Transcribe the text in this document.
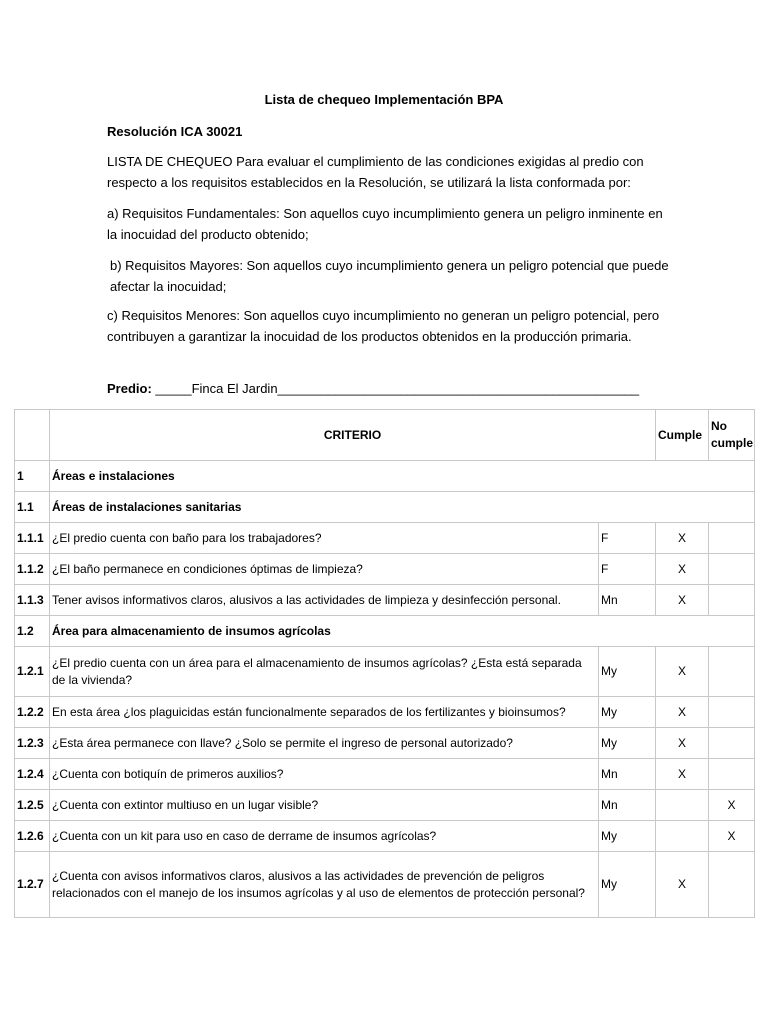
Lista de chequeo Implementación BPA
Resolución ICA 30021
LISTA DE CHEQUEO Para evaluar el cumplimiento de las condiciones exigidas al predio con respecto a los requisitos establecidos en la Resolución, se utilizará la lista conformada por:
a) Requisitos Fundamentales: Son aquellos cuyo incumplimiento genera un peligro inminente en la inocuidad del producto obtenido;
b) Requisitos Mayores: Son aquellos cuyo incumplimiento genera un peligro potencial que puede afectar la inocuidad;
c) Requisitos Menores: Son aquellos cuyo incumplimiento no generan un peligro potencial, pero contribuyen a garantizar la inocuidad de los productos obtenidos en la producción primaria.
Predio: _____Finca El Jardin__________________________________________________
	CRITERIO		Cumple	No cumple
1	Áreas e instalaciones			
1.1	Áreas de instalaciones sanitarias			
1.1.1	¿El predio cuenta con baño para los trabajadores?	F	X	
1.1.2	¿El baño permanece en condiciones óptimas de limpieza?	F	X	
1.1.3	Tener avisos informativos claros, alusivos a las actividades de limpieza y desinfección personal.	Mn	X	
1.2	Área para almacenamiento de insumos agrícolas			
1.2.1	¿El predio cuenta con un área para el almacenamiento de insumos agrícolas? ¿Esta está separada de la vivienda?	My	X	
1.2.2	En esta área ¿los plaguicidas están funcionalmente separados de los fertilizantes y bioinsumos?	My	X	
1.2.3	¿Esta área permanece con llave? ¿Solo se permite el ingreso de personal autorizado?	My	X	
1.2.4	¿Cuenta con botiquín de primeros auxilios?	Mn	X	
1.2.5	¿Cuenta con extintor multiuso en un lugar visible?	Mn		X
1.2.6	¿Cuenta con un kit para uso en caso de derrame de insumos agrícolas?	My		X
1.2.7	¿Cuenta con avisos informativos claros, alusivos a las actividades de prevención de peligros relacionados con el manejo de los insumos agrícolas y al uso de elementos de protección personal?	My	X	
